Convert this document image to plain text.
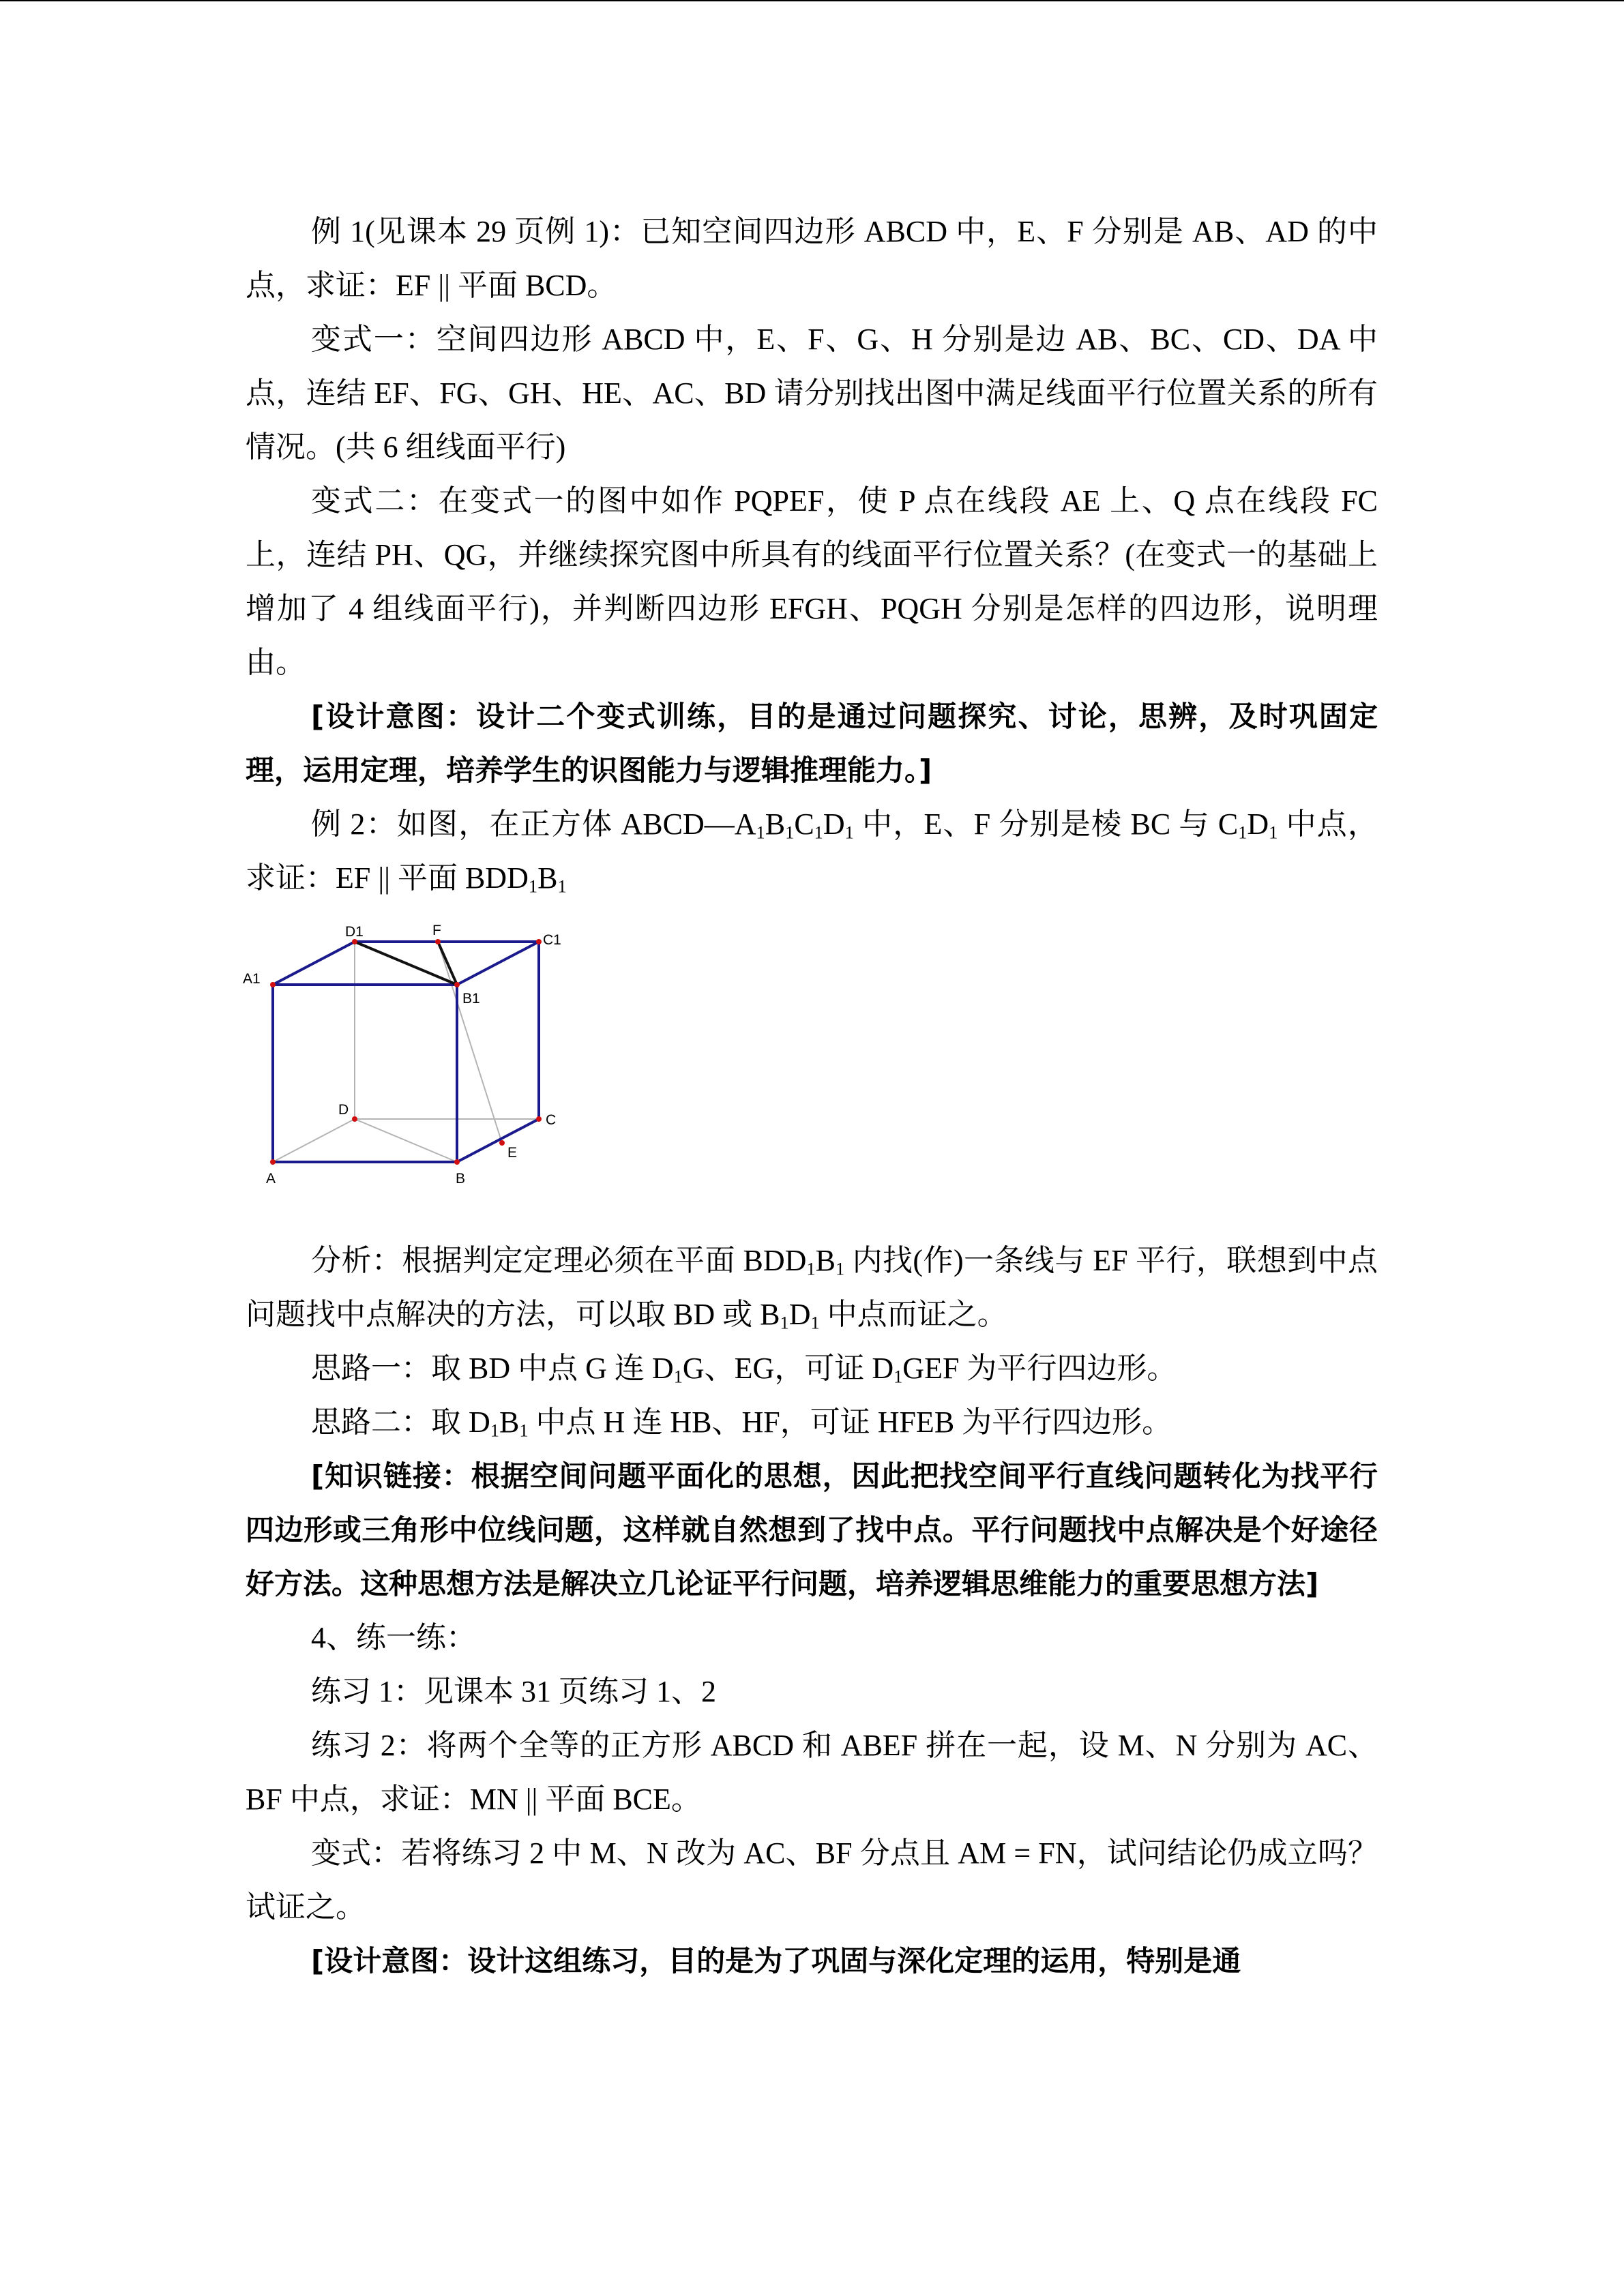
例 1(见课本 29 页例 1)：已知空间四边形 ABCD 中，E、F 分别是 AB、AD 的中点，求证：EF || 平面 BCD。

变式一：空间四边形 ABCD 中，E、F、G、H 分别是边 AB、BC、CD、DA 中点，连结 EF、FG、GH、HE、AC、BD 请分别找出图中满足线面平行位置关系的所有情况。(共 6 组线面平行)

变式二：在变式一的图中如作 PQPEF，使 P 点在线段 AE 上、Q 点在线段 FC 上，连结 PH、QG，并继续探究图中所具有的线面平行位置关系？(在变式一的基础上增加了 4 组线面平行)，并判断四边形 EFGH、PQGH 分别是怎样的四边形，说明理由。

[设计意图：设计二个变式训练，目的是通过问题探究、讨论，思辨，及时巩固定理，运用定理，培养学生的识图能力与逻辑推理能力。]

例 2：如图，在正方体 $ABCD—A_1B_1C_1D_1$ 中，E、F 分别是棱 BC 与 $C_1D_1$ 中点，求证：EF || 平面 $BDD_1B_1$

A	B
C
D
E
F
A1
B1
C1
D1

分析：根据判定定理必须在平面 $BDD_1B_1$ 内找(作)一条线与 EF 平行，联想到中点问题找中点解决的方法，可以取 BD 或 $B_1D_1$ 中点而证之。

思路一：取 BD 中点 G 连 $D_1G$、EG，可证 $D_1GEF$ 为平行四边形。

思路二：取 $D_1B_1$ 中点 H 连 HB、HF，可证 HFEB 为平行四边形。

[知识链接：根据空间问题平面化的思想，因此把找空间平行直线问题转化为找平行四边形或三角形中位线问题，这样就自然想到了找中点。平行问题找中点解决是个好途径好方法。这种思想方法是解决立几论证平行问题，培养逻辑思维能力的重要思想方法]

4、练一练：

练习 1：见课本 31 页练习 1、2

练习 2：将两个全等的正方形 ABCD 和 ABEF 拼在一起，设 M、N 分别为 AC、BF 中点，求证：MN || 平面 BCE。

变式：若将练习 2 中 M、N 改为 AC、BF 分点且 AM = FN，试问结论仍成立吗？试证之。

[设计意图：设计这组练习，目的是为了巩固与深化定理的运用，特别是通
